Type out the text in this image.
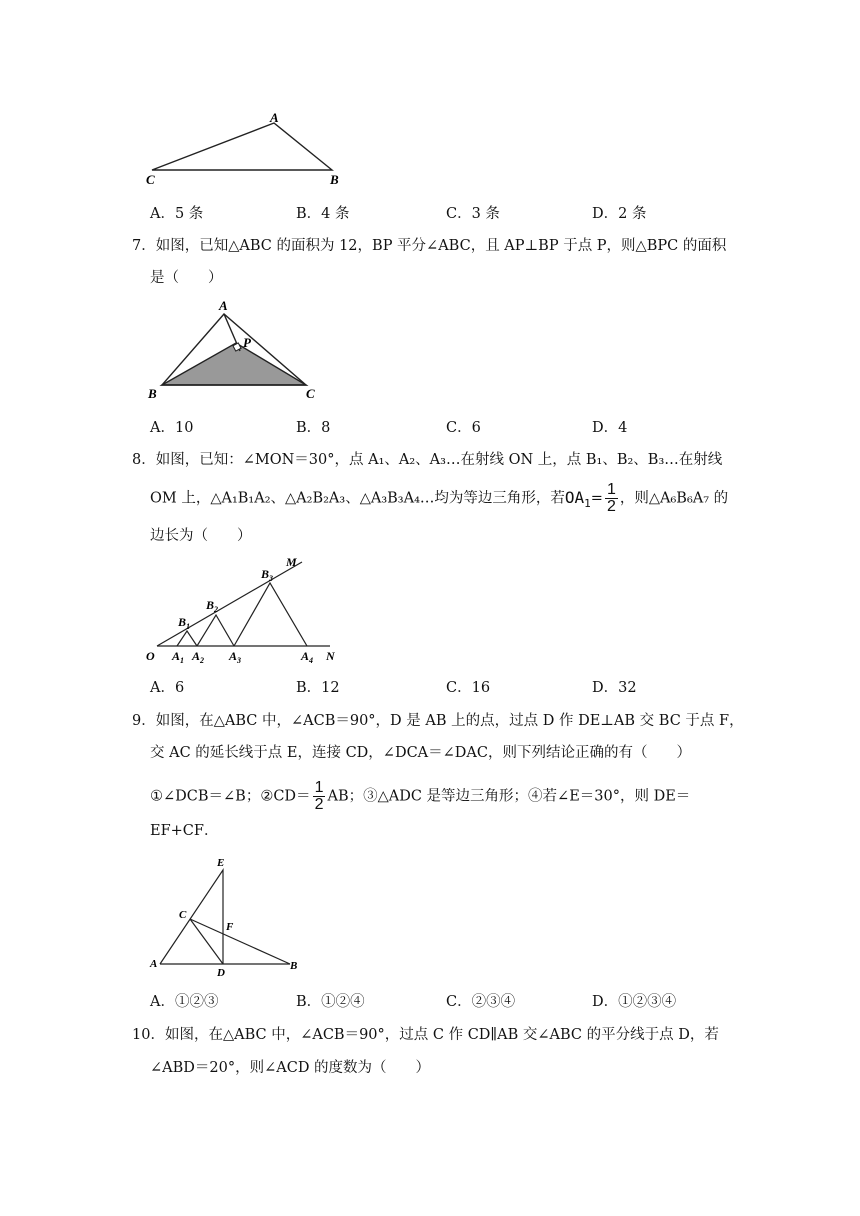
A
C	B
A．5 条	B．4 条	C．3 条	D．2 条
7．如图，已知△ABC 的面积为 12，BP 平分∠ABC，且 AP⊥BP 于点 P，则△BPC 的面积
是（　　）
A
P
B	C
A．10	B．8	C．6	D．4
8．如图，已知：∠MON＝30°，点 A₁、A₂、A₃…在射线 ON 上，点 B₁、B₂、B₃…在射线
OM 上，△A₁B₁A₂、△A₂B₂A₃、△A₃B₃A₄…均为等边三角形，若$OA_1= \frac{1}{2}$ ，则△A₆B₆A₇ 的
边长为（　　）
O
M
N
$A_1$ $A_2$ $A_3$	$A_4$
$B_1$
$B_2$
$B_3$
A．6	B．12	C．16	D．32
9．如图，在△ABC 中，∠ACB＝90°，D 是 AB 上的点，过点 D 作 DE⊥AB 交 BC 于点 F，
交 AC 的延长线于点 E，连接 CD，∠DCA＝∠DAC，则下列结论正确的有（　　）
①∠DCB＝∠B；②CD＝ $\frac{1}{2}$ AB；③△ADC 是等边三角形；④若∠E＝30°，则 DE＝
EF+CF．
E
C
F
A
D
B
A．①②③	B．①②④	C．②③④	D．①②③④
10．如图，在△ABC 中，∠ACB＝90°，过点 C 作 CD∥AB 交∠ABC 的平分线于点 D，若
∠ABD＝20°，则∠ACD 的度数为（　　）
